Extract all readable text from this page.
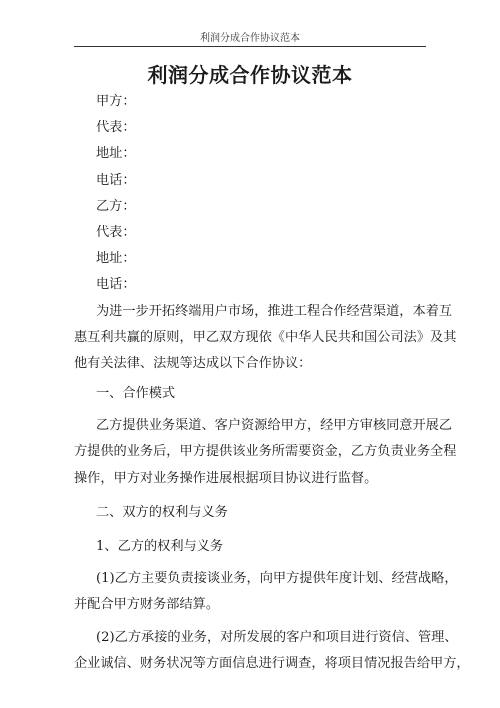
利润分成合作协议范本
利润分成合作协议范本

甲方：

代表：

地址：

电话：

乙方：

代表：

地址：

电话：

为进一步开拓终端用户市场，推进工程合作经营渠道，本着互
惠互利共赢的原则，甲乙双方现依《中华人民共和国公司法》及其
他有关法律、法规等达成以下合作协议：

一、合作模式

乙方提供业务渠道、客户资源给甲方，经甲方审核同意开展乙
方提供的业务后，甲方提供该业务所需要资金，乙方负责业务全程
操作，甲方对业务操作进展根据项目协议进行监督。

二、双方的权利与义务

1、乙方的权利与义务

(1)乙方主要负责接谈业务，向甲方提供年度计划、经营战略，
并配合甲方财务部结算。
(2)乙方承接的业务，对所发展的客户和项目进行资信、管理、
企业诚信、财务状况等方面信息进行调查，将项目情况报告给甲方，
